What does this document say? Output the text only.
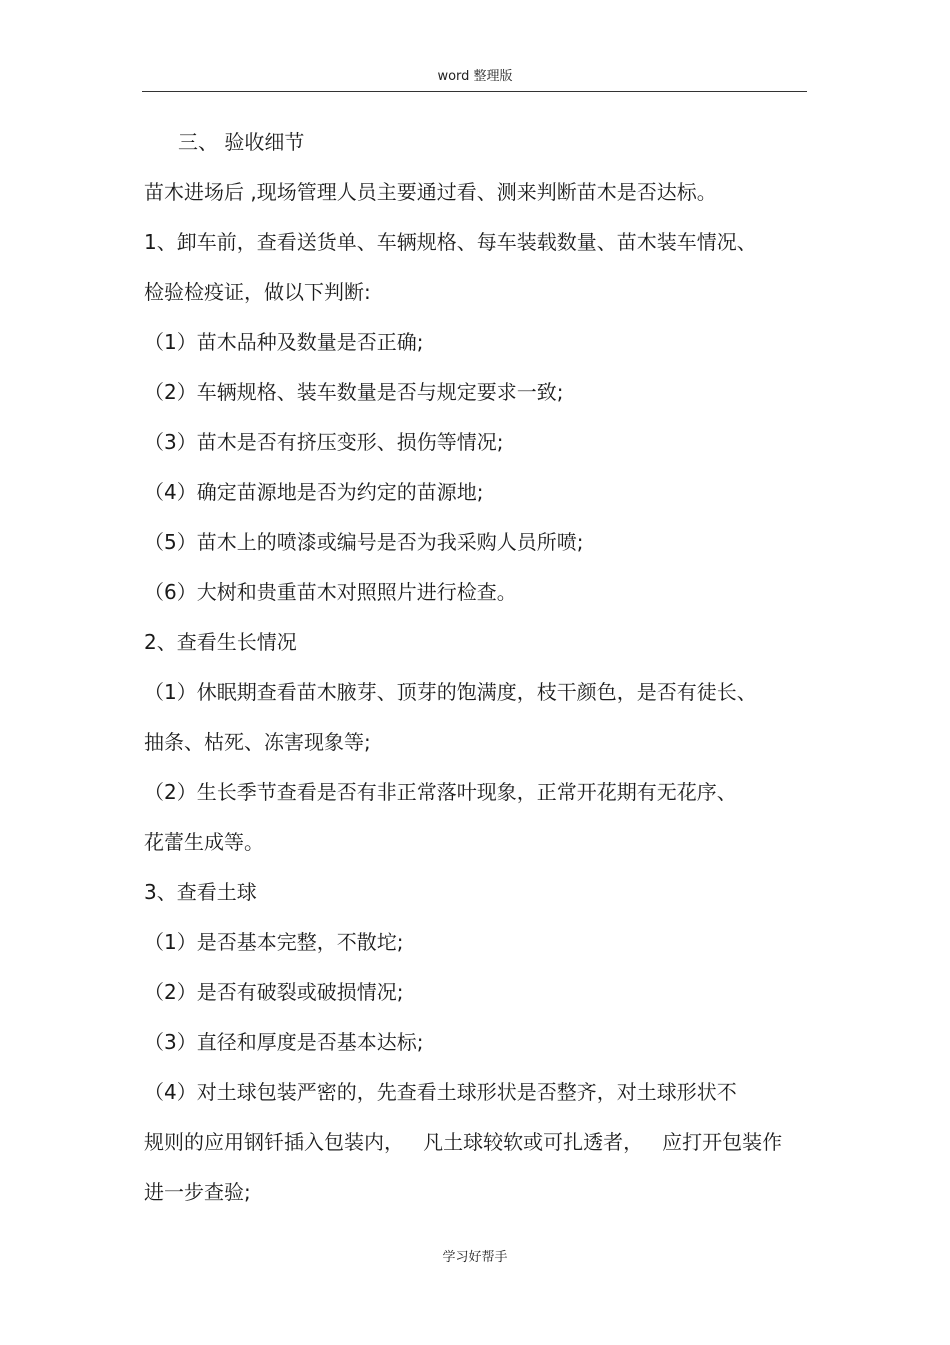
word 整理版
三、 验收细节
苗木进场后 ,现场管理人员主要通过看、测来判断苗木是否达标。
1、卸车前，查看送货单、车辆规格、每车装载数量、苗木装车情况、
检验检疫证，做以下判断:
（1）苗木品种及数量是否正确;
（2）车辆规格、装车数量是否与规定要求一致;
（3）苗木是否有挤压变形、损伤等情况;
（4）确定苗源地是否为约定的苗源地;
（5）苗木上的喷漆或编号是否为我采购人员所喷;
（6）大树和贵重苗木对照照片进行检查。
2、查看生长情况
（1）休眠期查看苗木腋芽、顶芽的饱满度，枝干颜色，是否有徒长、
抽条、枯死、冻害现象等;
（2）生长季节查看是否有非正常落叶现象，正常开花期有无花序、
花蕾生成等。
3、查看土球
（1）是否基本完整，不散坨;
（2）是否有破裂或破损情况;
（3）直径和厚度是否基本达标;
（4）对土球包装严密的，先查看土球形状是否整齐，对土球形状不
规则的应用钢钎插入包装内，   凡土球较软或可扎透者，   应打开包装作
进一步查验;
学习好帮手
